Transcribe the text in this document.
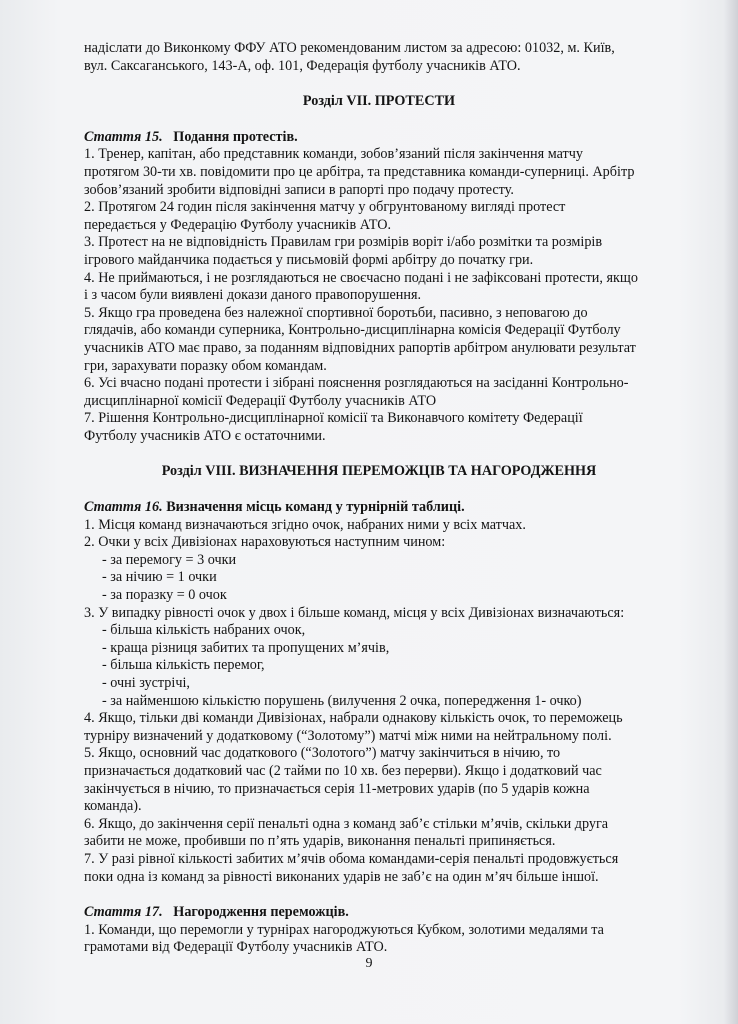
надіслати до Виконкому ФФУ АТО рекомендованим листом за адресою: 01032, м. Київ,

вул. Саксаганського, 143-А, оф. 101, Федерація футболу учасників АТО.

Розділ VII. ПРОТЕСТИ

Стаття 15. Подання протестів.

1. Тренер, капітан, або представник команди, зобов’язаний після закінчення матчу

протягом 30-ти хв. повідомити про це арбітра, та представника команди-суперниці. Арбітр

зобов’язаний зробити відповідні записи в рапорті про подачу протесту.

2. Протягом 24 годин після закінчення матчу у обгрунтованому вигляді протест

передається у Федерацію Футболу учасників АТО.

3. Протест на не відповідність Правилам гри розмірів воріт і/або розмітки та розмірів

ігрового майданчика подається у письмовій формі арбітру до початку гри.

4. Не приймаються, і не розглядаються не своєчасно подані і не зафіксовані протести, якщо

і з часом були виявлені докази даного правопорушення.

5. Якщо гра проведена без належної спортивної боротьби, пасивно, з неповагою до

глядачів, або команди суперника, Контрольно-дисциплінарна комісія Федерації Футболу

учасників АТО має право, за поданням відповідних рапортів арбітром анулювати результат

гри, зарахувати поразку обом командам.

6. Усі вчасно подані протести і зібрані пояснення розглядаються на засіданні Контрольно-

дисциплінарної комісії Федерації Футболу учасників АТО

7. Рішення Контрольно-дисциплінарної комісії та Виконавчого комітету Федерації

Футболу учасників АТО є остаточними.

Розділ VIII. ВИЗНАЧЕННЯ ПЕРЕМОЖЦІВ ТА НАГОРОДЖЕННЯ

Стаття 16. Визначення місць команд у турнірній таблиці.

1. Місця команд визначаються згідно очок, набраних ними у всіх матчах.

2. Очки у всіх Дивізіонах нараховуються наступним чином:

- за перемогу = 3 очки

- за нічию = 1 очки

- за поразку = 0 очок

3. У випадку рівності очок у двох і більше команд, місця у всіх Дивізіонах визначаються:

- більша кількість набраних очок,

- краща різниця забитих та пропущених м’ячів,

- більша кількість перемог,

- очні зустрічі,

- за найменшою кількістю порушень (вилучення 2 очка, попередження 1- очко)

4. Якщо, тільки дві команди Дивізіонах, набрали однакову кількість очок, то переможець

турніру визначений у додатковому (“Золотому”) матчі між ними на нейтральному полі.

5. Якщо, основний час додаткового (“Золотого”) матчу закінчиться в нічию, то

призначається додатковий час (2 тайми по 10 хв. без перерви). Якщо і додатковий час

закінчується в нічию, то призначається серія 11-метрових ударів (по 5 ударів кожна

команда).

6. Якщо, до закінчення серії пенальті одна з команд заб’є стільки м’ячів, скільки друга

забити не може, пробивши по п’ять ударів, виконання пенальті припиняється.

7. У разі рівної кількості забитих м’ячів обома командами-серія пенальті продовжується

поки одна із команд за рівності виконаних ударів не заб’є на один м’яч більше іншої.

Стаття 17. Нагородження переможців.

1. Команди, що перемогли у турнірах нагороджуються Кубком, золотими медалями та

грамотами від Федерації Футболу учасників АТО.

9
